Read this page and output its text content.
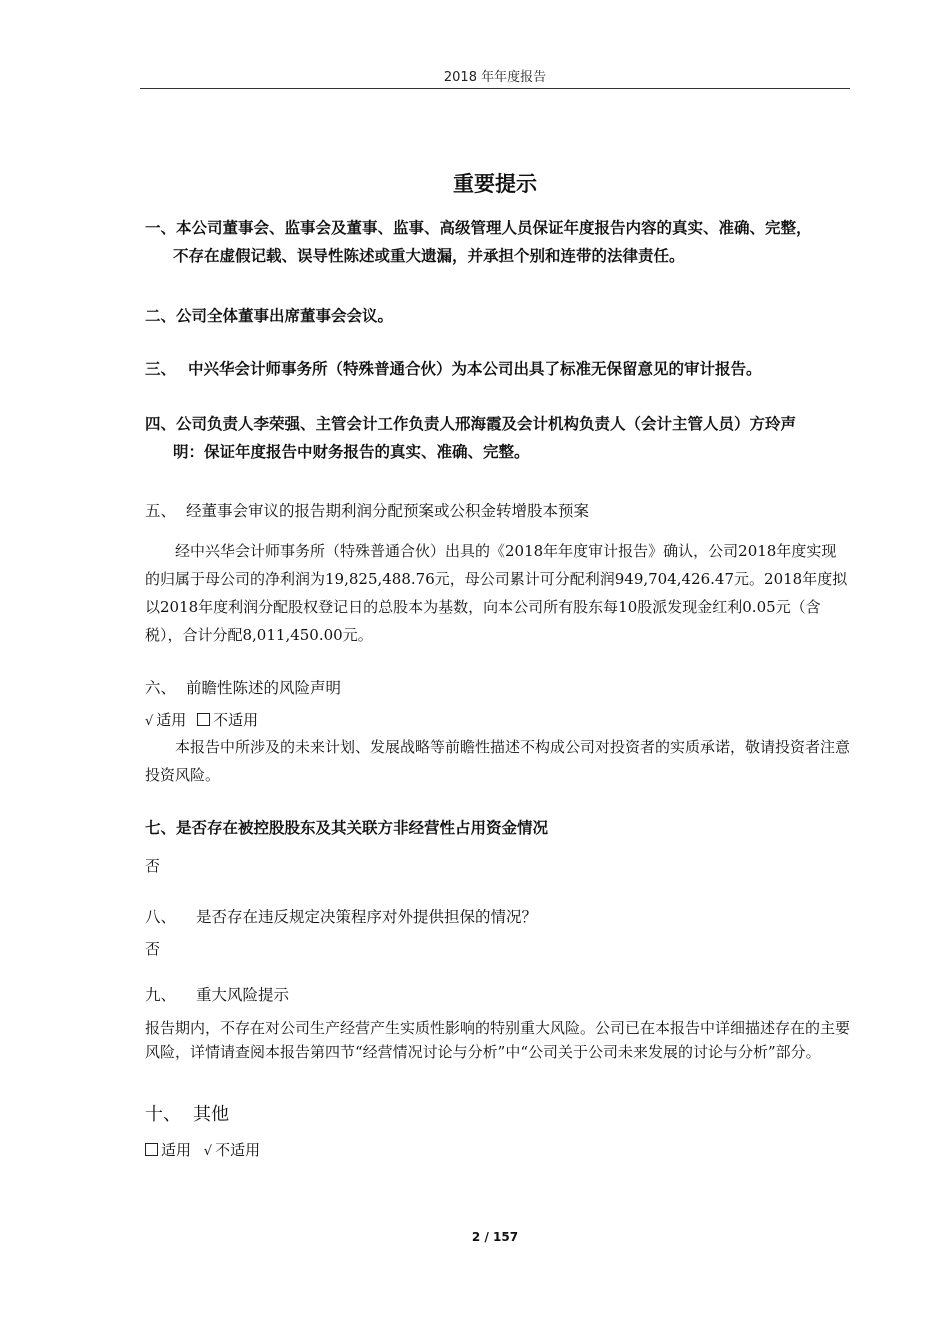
2018 年年度报告
重要提示
一、本公司董事会、监事会及董事、监事、高级管理人员保证年度报告内容的真实、准确、完整，
不存在虚假记载、误导性陈述或重大遗漏，并承担个别和连带的法律责任。
二、公司全体董事出席董事会会议。
三、 中兴华会计师事务所（特殊普通合伙）为本公司出具了标准无保留意见的审计报告。
四、公司负责人李荣强、主管会计工作负责人邢海霞及会计机构负责人（会计主管人员）方玲声
明：保证年度报告中财务报告的真实、准确、完整。
五、 经董事会审议的报告期利润分配预案或公积金转增股本预案
经中兴华会计师事务所（特殊普通合伙）出具的《2018年年度审计报告》确认，公司2018年度实现的归属于母公司的净利润为19,825,488.76元，母公司累计可分配利润949,704,426.47元。2018年度拟以2018年度利润分配股权登记日的总股本为基数，向本公司所有股东每10股派发现金红利0.05元（含税），合计分配8,011,450.00元。
六、 前瞻性陈述的风险声明
√ 适用 不适用
本报告中所涉及的未来计划、发展战略等前瞻性描述不构成公司对投资者的实质承诺，敬请投资者注意投资风险。
七、是否存在被控股股东及其关联方非经营性占用资金情况
否
八、 是否存在违反规定决策程序对外提供担保的情况？
否
九、 重大风险提示
报告期内，不存在对公司生产经营产生实质性影响的特别重大风险。公司已在本报告中详细描述存在的主要风险，详情请查阅本报告第四节“经营情况讨论与分析”中“公司关于公司未来发展的讨论与分析”部分。
十、 其他
适用 √ 不适用
2 / 157
